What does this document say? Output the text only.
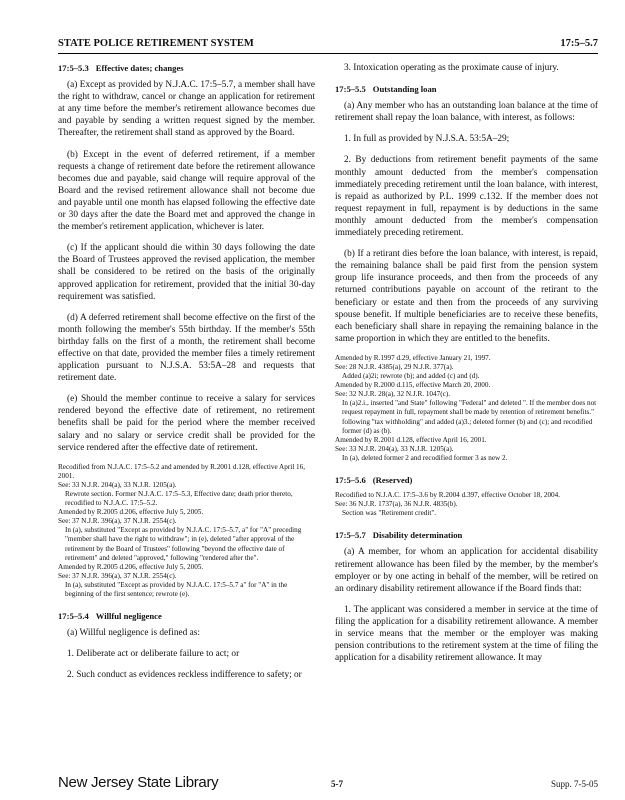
STATE POLICE RETIREMENT SYSTEM	17:5–5.7
17:5–5.3 Effective dates; changes

(a) Except as provided by N.J.A.C. 17:5–5.7, a member shall have the right to withdraw, cancel or change an application for retirement at any time before the member's retirement allowance becomes due and payable by sending a written request signed by the member. Thereafter, the retirement shall stand as approved by the Board.

(b) Except in the event of deferred retirement, if a member requests a change of retirement date before the retirement allowance becomes due and payable, said change will require approval of the Board and the revised retirement allowance shall not become due and payable until one month has elapsed following the effective date or 30 days after the date the Board met and approved the change in the member's retirement application, whichever is later.

(c) If the applicant should die within 30 days following the date the Board of Trustees approved the revised application, the member shall be considered to be retired on the basis of the originally approved application for retirement, provided that the initial 30-day requirement was satisfied.

(d) A deferred retirement shall become effective on the first of the month following the member's 55th birthday. If the member's 55th birthday falls on the first of a month, the retirement shall become effective on that date, provided the member files a timely retirement application pursuant to N.J.S.A. 53:5A–28 and requests that retirement date.

(e) Should the member continue to receive a salary for services rendered beyond the effective date of retirement, no retirement benefits shall be paid for the period where the member received salary and no salary or service credit shall be provided for the service rendered after the effective date of retirement.

Recodified from N.J.A.C. 17:5–5.2 and amended by R.2001 d.128, effective April 16, 2001.
See: 33 N.J.R. 204(a), 33 N.J.R. 1205(a).
Rewrote section. Former N.J.A.C. 17:5–5.3, Effective date; death prior thereto, recodified to N.J.A.C. 17:5–5.2.
Amended by R.2005 d.206, effective July 5, 2005.
See: 37 N.J.R. 396(a), 37 N.J.R. 2554(c).
In (a), substituted "Except as provided by N.J.A.C. 17:5–5.7, a" for "A" preceding "member shall have the right to withdraw"; in (e), deleted "after approval of the retirement by the Board of Trustees" following "beyond the effective date of retirement" and deleted "approved," following "rendered after the".
Amended by R.2005 d.206, effective July 5, 2005.
See: 37 N.J.R. 396(a), 37 N.J.R. 2554(c).
In (a), substituted "Except as provided by N.J.A.C. 17:5–5.7 a" for "A" in the beginning of the first sentence; rewrote (e).
17:5–5.4 Willful negligence

(a) Willful negligence is defined as:

1. Deliberate act or deliberate failure to act; or

2. Such conduct as evidences reckless indifference to safety; or

3. Intoxication operating as the proximate cause of injury.

17:5–5.5 Outstanding loan

(a) Any member who has an outstanding loan balance at the time of retirement shall repay the loan balance, with interest, as follows:

1. In full as provided by N.J.S.A. 53:5A–29;

2. By deductions from retirement benefit payments of the same monthly amount deducted from the member's compensation immediately preceding retirement until the loan balance, with interest, is repaid as authorized by P.L. 1999 c.132. If the member does not request repayment in full, repayment is by deductions in the same monthly amount deducted from the member's compensation immediately preceding retirement.

(b) If a retirant dies before the loan balance, with interest, is repaid, the remaining balance shall be paid first from the pension system group life insurance proceeds, and then from the proceeds of any returned contributions payable on account of the retirant to the beneficiary or estate and then from the proceeds of any surviving spouse benefit. If multiple beneficiaries are to receive these benefits, each beneficiary shall share in repaying the remaining balance in the same proportion in which they are entitled to the benefits.

Amended by R.1997 d.29, effective January 21, 1997.
See: 28 N.J.R. 4385(a), 29 N.J.R. 377(a).
Added (a)2i; rewrote (b); and added (c) and (d).
Amended by R.2000 d.115, effective March 20, 2000.
See: 32 N.J.R. 28(a), 32 N.J.R. 1047(c).
In (a)2.i., inserted "and State" following "Federal" and deleted ". If the member does not request repayment in full, repayment shall be made by retention of retirement benefits." following "tax withholding" and added (a)3.; deleted former (b) and (c); and recodified former (d) as (b).
Amended by R.2001 d.128, effective April 16, 2001.
See: 33 N.J.R. 204(a), 33 N.J.R. 1205(a).
In (a), deleted former 2 and recodified former 3 as new 2.
17:5–5.6 (Reserved)
Recodified to N.J.A.C. 17:5–3.6 by R.2004 d.397, effective October 18, 2004.
See: 36 N.J.R. 1737(a), 36 N.J.R. 4835(b).
Section was "Retirement credit".
17:5–5.7 Disability determination

(a) A member, for whom an application for accidental disability retirement allowance has been filed by the member, by the member's employer or by one acting in behalf of the member, will be retired on an ordinary disability retirement allowance if the Board finds that:

1. The applicant was considered a member in service at the time of filing the application for a disability retirement allowance. A member in service means that the member or the employer was making pension contributions to the retirement system at the time of filing the application for a disability retirement allowance. It may

New Jersey State Library	5-7	Supp. 7-5-05
